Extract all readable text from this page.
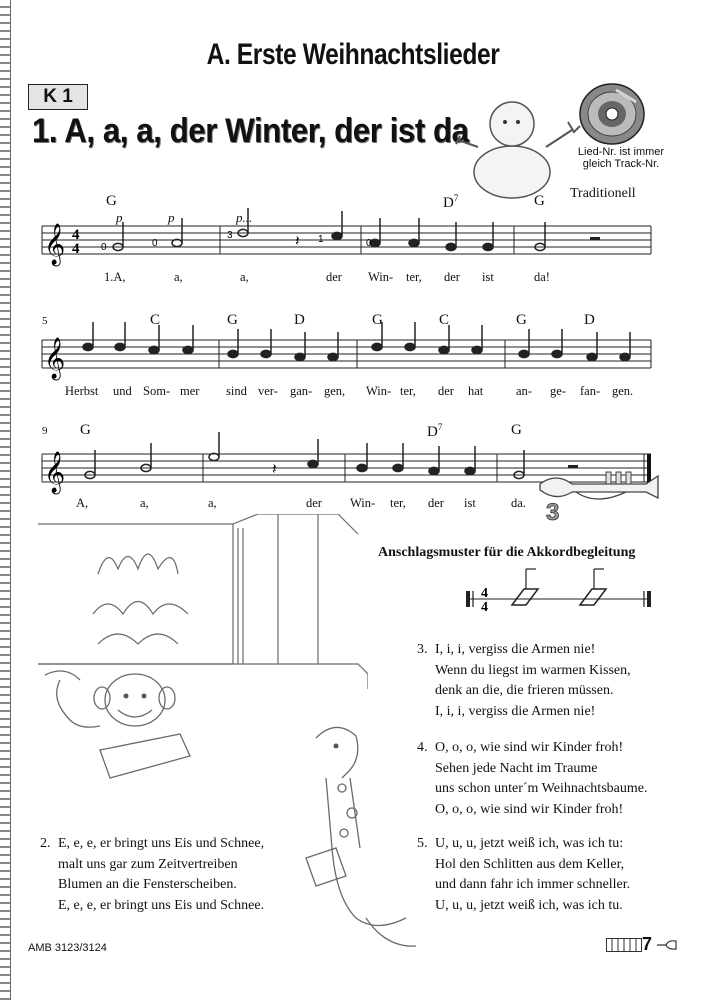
A. Erste Weihnachtslieder
K 1
1. A, a, a, der Winter, der ist da
Lied-Nr. ist immer
gleich Track-Nr.
Traditionell
G	$D^7$	G
p	p	p...
𝄞 4
4	0
0	0
3	1
𝄽
1.A,	a,	a,	der Win- ter, der ist	da!
5	C	G	D	G	C	G	D
𝄞
Herbst und Som- mer sind ver- gan- gen, Win- ter, der hat	an- ge- fan- gen.
9 G	$D^7$	G
𝄞	𝄽
A,	a,	a,	der Win- ter, der ist	da. 3
Anschlagsmuster für die Akkordbegleitung
4
4
2. E, e, e, er bringt uns Eis und Schnee,
malt uns gar zum Zeitvertreiben
Blumen an die Fensterscheiben.
E, e, e, er bringt uns Eis und Schnee.
3. I, i, i, vergiss die Armen nie!
Wenn du liegst im warmen Kissen,
denk an die, die frieren müssen.
I, i, i, vergiss die Armen nie!
4. O, o, o, wie sind wir Kinder froh!
Sehen jede Nacht im Traume
uns schon unter´m Weihnachtsbaume.
O, o, o, wie sind wir Kinder froh!
5. U, u, u, jetzt weiß ich, was ich tu:
Hol den Schlitten aus dem Keller,
und dann fahr ich immer schneller.
U, u, u, jetzt weiß ich, was ich tu.
AMB 3123/3124	7
